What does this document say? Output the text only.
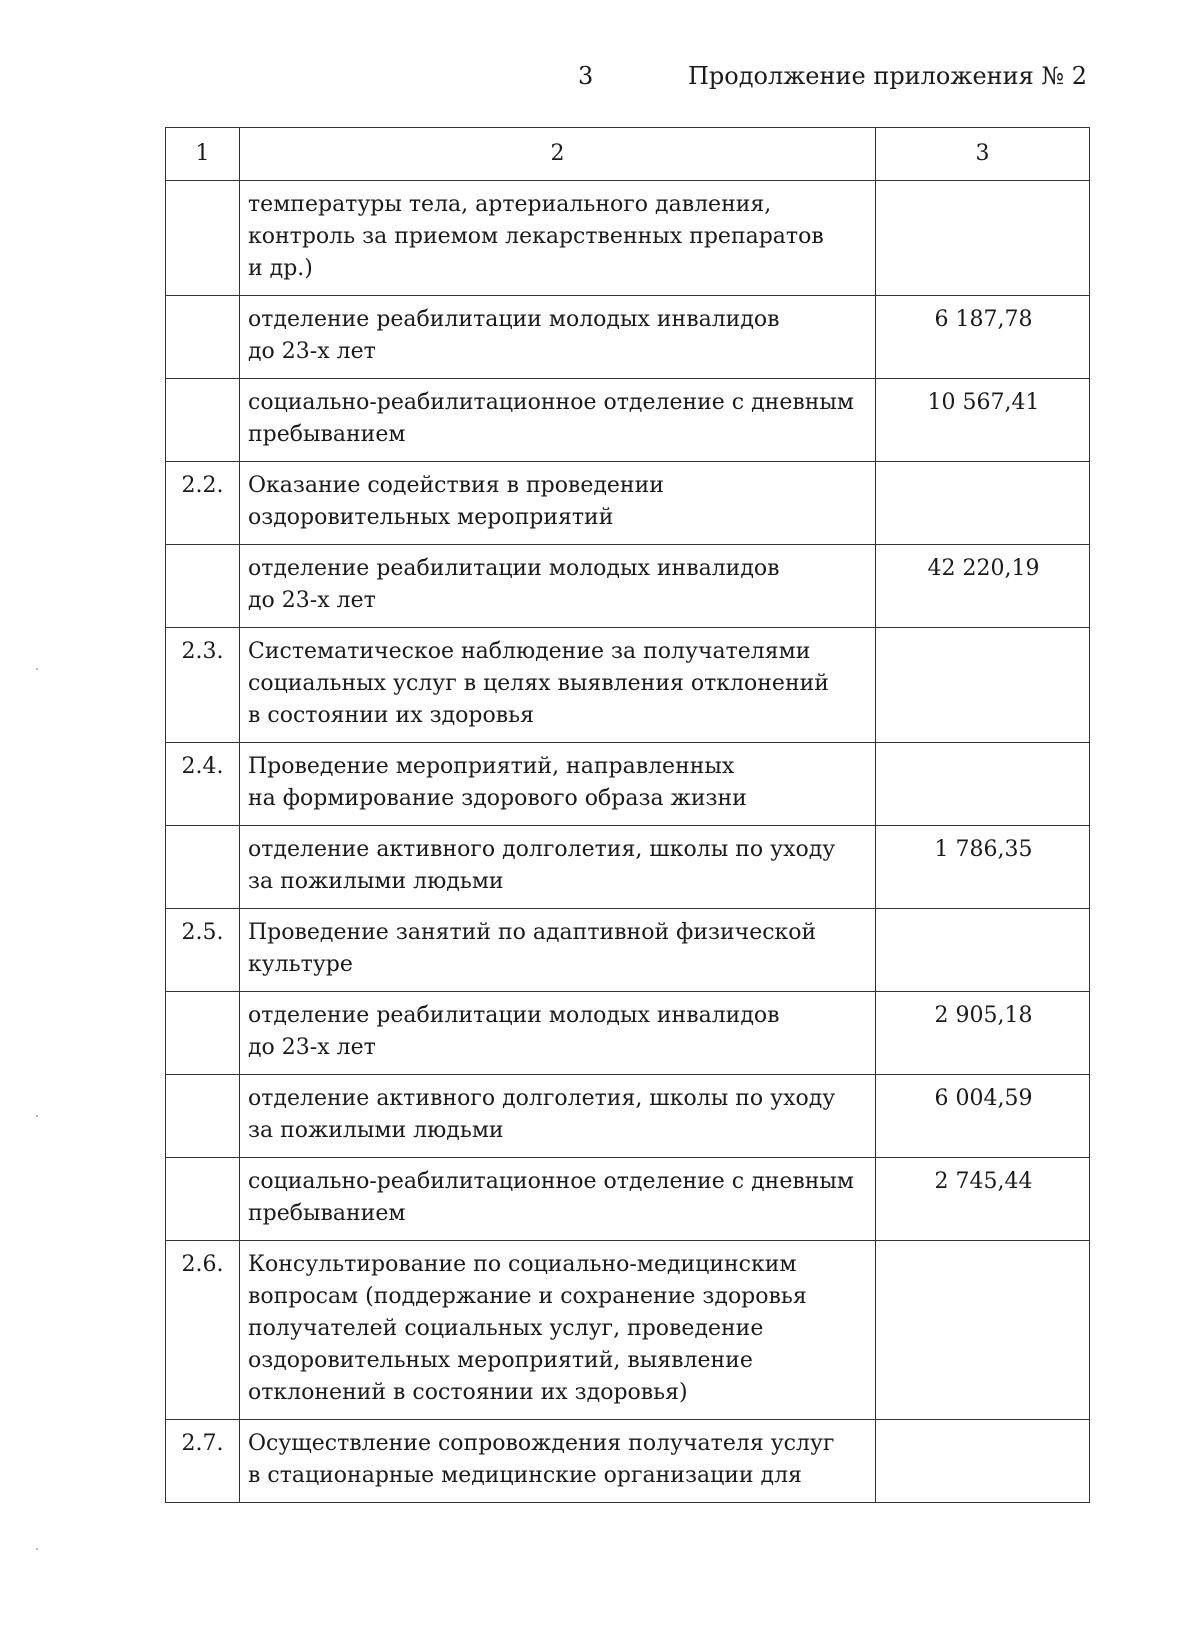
3	Продолжение приложения № 2
1	2	3
	температуры тела, артериального давления,
контроль за приемом лекарственных препаратов
и др.)	
	отделение реабилитации молодых инвалидов
до 23-х лет	6 187,78
	социально-реабилитационное отделение с дневным
пребыванием	10 567,41
2.2.	Оказание содействия в проведении
оздоровительных мероприятий	
	отделение реабилитации молодых инвалидов
до 23-х лет	42 220,19
2.3.	Систематическое наблюдение за получателями
социальных услуг в целях выявления отклонений
в состоянии их здоровья	
2.4.	Проведение мероприятий, направленных
на формирование здорового образа жизни	
	отделение активного долголетия, школы по уходу
за пожилыми людьми	1 786,35
2.5.	Проведение занятий по адаптивной физической
культуре	
	отделение реабилитации молодых инвалидов
до 23-х лет	2 905,18
	отделение активного долголетия, школы по уходу
за пожилыми людьми	6 004,59
	социально-реабилитационное отделение с дневным
пребыванием	2 745,44
2.6.	Консультирование по социально-медицинским
вопросам (поддержание и сохранение здоровья
получателей социальных услуг, проведение
оздоровительных мероприятий, выявление
отклонений в состоянии их здоровья)	
2.7.	Осуществление сопровождения получателя услуг
в стационарные медицинские организации для	
